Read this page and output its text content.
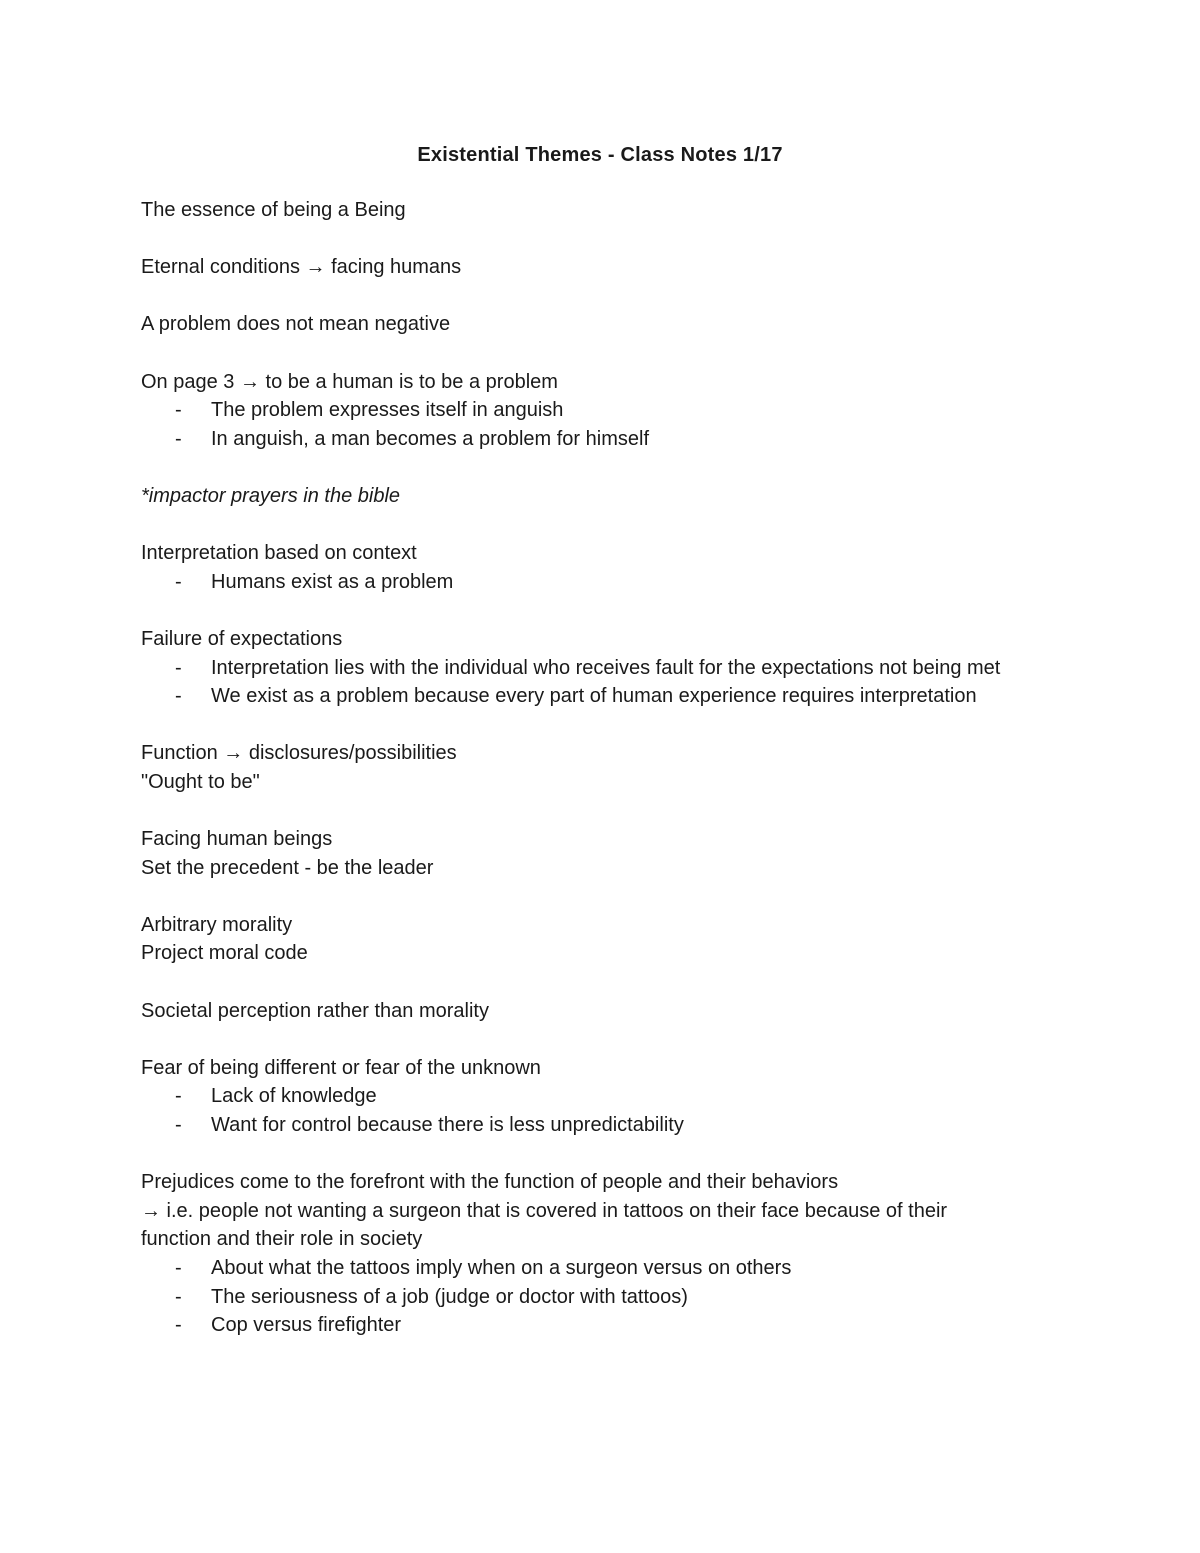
Existential Themes - Class Notes 1/17

The essence of being a Being

Eternal conditions → facing humans

A problem does not mean negative

On page 3 → to be a human is to be a problem

- The problem expresses itself in anguish
- In anguish, a man becomes a problem for himself

*impactor prayers in the bible

Interpretation based on context

- Humans exist as a problem

Failure of expectations

- Interpretation lies with the individual who receives fault for the expectations not being met
- We exist as a problem because every part of human experience requires interpretation

Function → disclosures/possibilities

"Ought to be"

Facing human beings

Set the precedent - be the leader

Arbitrary morality

Project moral code

Societal perception rather than morality

Fear of being different or fear of the unknown

- Lack of knowledge
- Want for control because there is less unpredictability

Prejudices come to the forefront with the function of people and their behaviors

→ i.e. people not wanting a surgeon that is covered in tattoos on their face because of their

function and their role in society

- About what the tattoos imply when on a surgeon versus on others
- The seriousness of a job (judge or doctor with tattoos)
- Cop versus firefighter
